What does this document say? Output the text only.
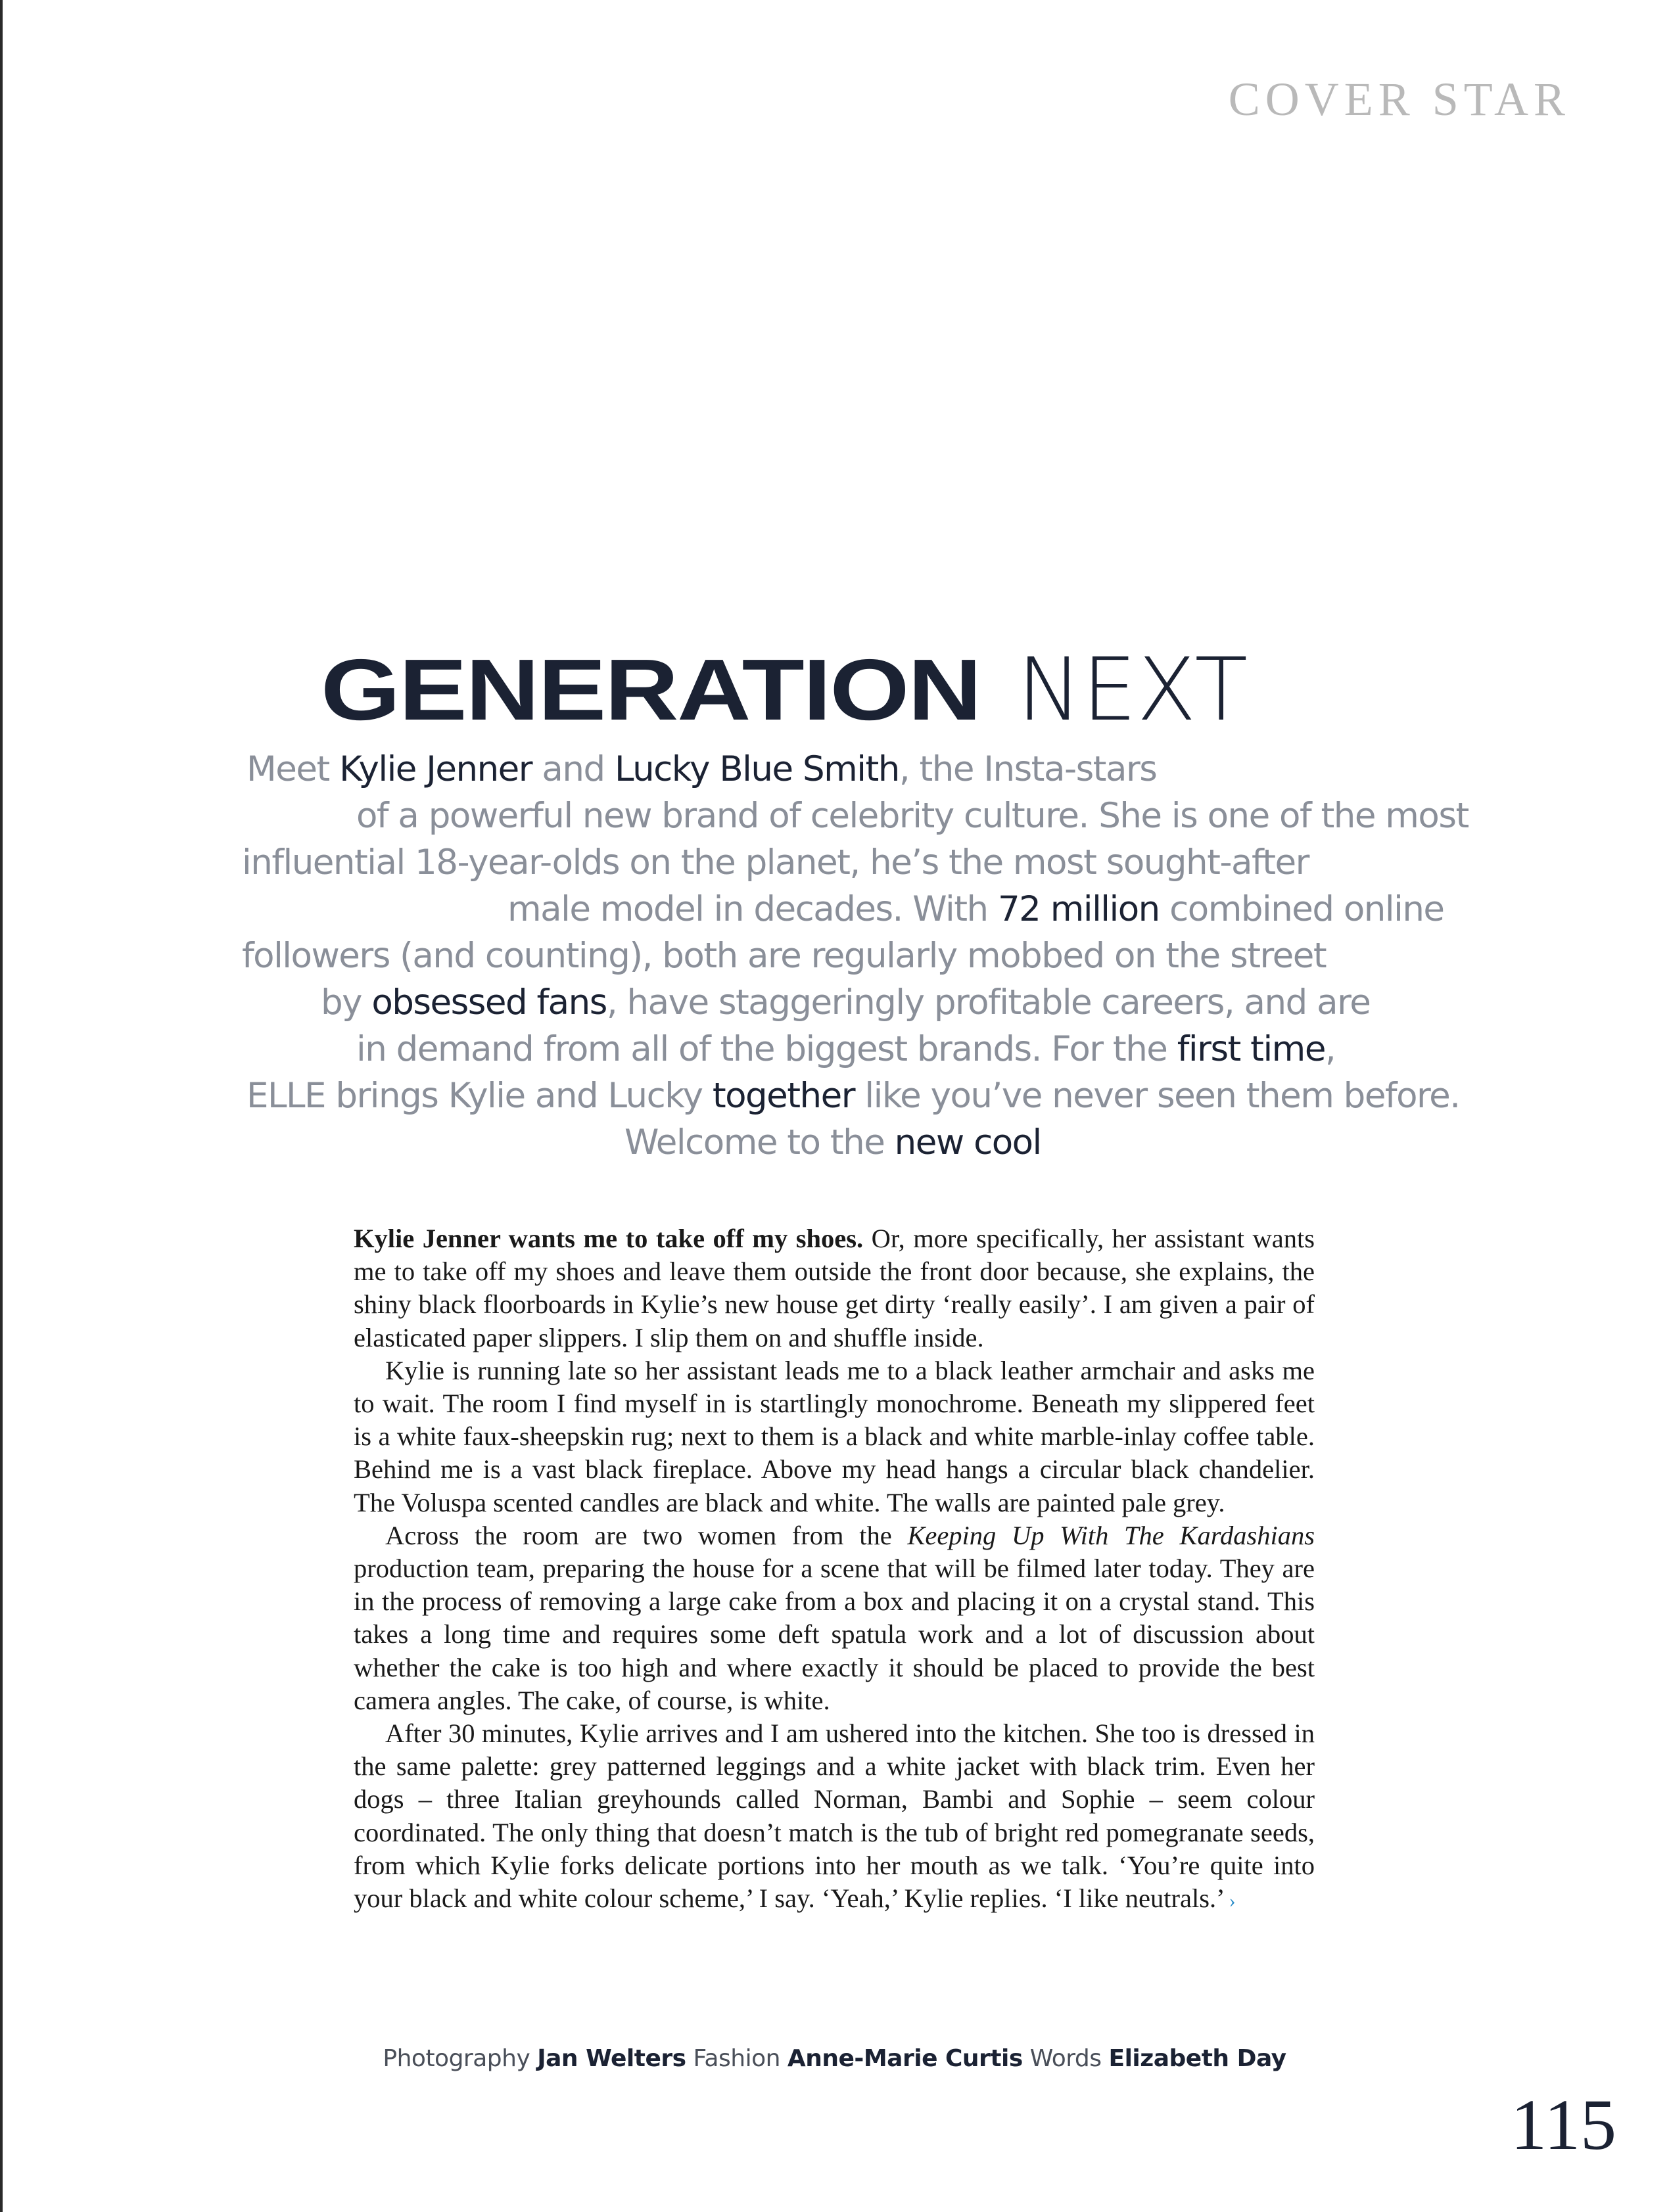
COVER STAR
GENERATION NEXT
Meet Kylie Jenner and Lucky Blue Smith, the Insta-stars
of a powerful new brand of celebrity culture. She is one of the most
influential 18-year-olds on the planet, he’s the most sought-after
male model in decades. With 72 million combined online
followers (and counting), both are regularly mobbed on the street
by obsessed fans, have staggeringly profitable careers, and are
in demand from all of the biggest brands. For the first time,
ELLE brings Kylie and Lucky together like you’ve never seen them before.
Welcome to the new cool

Kylie Jenner wants me to take off my shoes. Or, more specifically, her assistant wants me to take off my shoes and leave them outside the front door because, she explains, the shiny black floorboards in Kylie’s new house get dirty ‘really easily’. I am given a pair of elasticated paper slippers. I slip them on and shuffle inside.

Kylie is running late so her assistant leads me to a black leather armchair and asks me to wait. The room I find myself in is startlingly monochrome. Beneath my slippered feet is a white faux-sheepskin rug; next to them is a black and white marble-inlay coffee table. Behind me is a vast black fireplace. Above my head hangs a circular black chandelier. The Voluspa scented candles are black and white. The walls are painted pale grey.

Across the room are two women from the Keeping Up With The Kardashians production team, preparing the house for a scene that will be filmed later today. They are in the process of removing a large cake from a box and placing it on a crystal stand. This takes a long time and requires some deft spatula work and a lot of discussion about whether the cake is too high and where exactly it should be placed to provide the best camera angles. The cake, of course, is white.

After 30 minutes, Kylie arrives and I am ushered into the kitchen. She too is dressed in the same palette: grey patterned leggings and a white jacket with black trim. Even her dogs – three Italian greyhounds called Norman, Bambi and Sophie – seem colour coordinated. The only thing that doesn’t match is the tub of bright red pomegranate seeds, from which Kylie forks delicate portions into her mouth as we talk. ‘You’re quite into your black and white colour scheme,’ I say. ‘Yeah,’ Kylie replies. ‘I like neutrals.’ ›

Photography Jan Welters Fashion Anne-Marie Curtis Words Elizabeth Day
115
